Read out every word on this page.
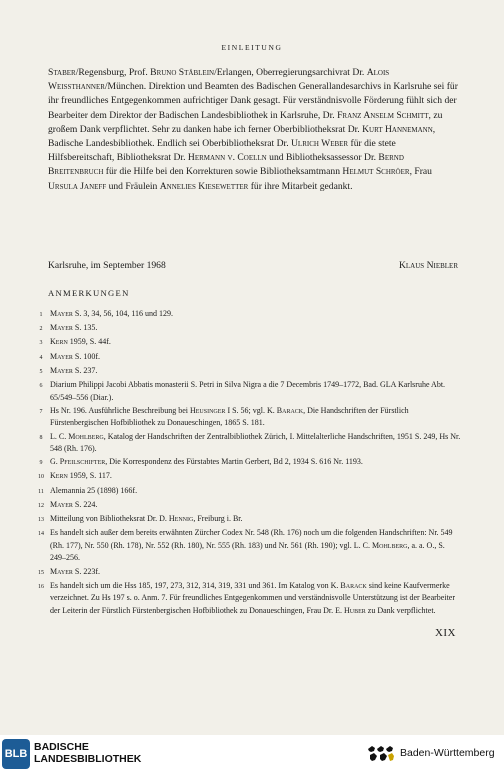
EINLEITUNG

Staber/Regensburg, Prof. Bruno Stäblein/Erlangen, Oberregierungsarchivrat Dr. Alois Weissthanner/München. Direktion und Beamten des Badischen Generallandesarchivs in Karlsruhe sei für ihr freundliches Entgegenkommen aufrichtiger Dank gesagt. Für verständnisvolle Förderung fühlt sich der Bearbeiter dem Direktor der Badischen Landesbibliothek in Karlsruhe, Dr. Franz Anselm Schmitt, zu großem Dank verpflichtet. Sehr zu danken habe ich ferner Oberbibliotheksrat Dr. Kurt Hannemann, Badische Landesbibliothek. Endlich sei Oberbibliotheksrat Dr. Ulrich Weber für die stete Hilfsbereitschaft, Bibliotheksrat Dr. Hermann v. Coelln und Bibliotheksassessor Dr. Bernd Breitenbruch für die Hilfe bei den Korrekturen sowie Bibliotheksamtmann Helmut Schröer, Frau Ursula Janeff und Fräulein Annelies Kiesewetter für ihre Mitarbeit gedankt.

Karlsruhe, im September 1968	Klaus Niebler
ANMERKUNGEN
1 Mayer S. 3, 34, 56, 104, 116 und 129.
2 Mayer S. 135.
3 Kern 1959, S. 44f.
4 Mayer S. 100f.
5 Mayer S. 237.
6 Diarium Philippi Jacobi Abbatis monasterii S. Petri in Silva Nigra a die 7 Decembris 1749–1772, Bad. GLA Karlsruhe Abt. 65/549–556 (Diar.).
7 Hs Nr. 196. Ausführliche Beschreibung bei Heusinger I S. 56; vgl. K. Barack, Die Handschriften der Fürstlich Fürstenbergischen Hofbibliothek zu Donaueschingen, 1865 S. 181.
8 L. C. Mohlberg, Katalog der Handschriften der Zentralbibliothek Zürich, I. Mittelalterliche Handschriften, 1951 S. 249, Hs Nr. 548 (Rh. 176).
9 G. Pfeilschifter, Die Korrespondenz des Fürstabtes Martin Gerbert, Bd 2, 1934 S. 616 Nr. 1193.
10 Kern 1959, S. 117.
11 Alemannia 25 (1898) 166f.
12 Mayer S. 224.
13 Mitteilung von Bibliotheksrat Dr. D. Hennig, Freiburg i. Br.
14 Es handelt sich außer dem bereits erwähnten Zürcher Codex Nr. 548 (Rh. 176) noch um die folgenden Handschriften: Nr. 549 (Rh. 177), Nr. 550 (Rh. 178), Nr. 552 (Rh. 180), Nr. 555 (Rh. 183) und Nr. 561 (Rh. 190); vgl. L. C. Mohlberg, a. a. O., S. 249–256.
15 Mayer S. 223f.
16 Es handelt sich um die Hss 185, 197, 273, 312, 314, 319, 331 und 361. Im Katalog von K. Barack sind keine Kaufvermerke verzeichnet. Zu Hs 197 s. o. Anm. 7. Für freundliches Entgegenkommen und verständnisvolle Unterstützung ist der Bearbeiter der Leiterin der Fürstlich Fürstenbergischen Hofbibliothek zu Donaueschingen, Frau Dr. E. Huber zu Dank verpflichtet.
XIX
BLB
BADISCHE
LANDESBIBLIOTHEK	Baden-Württemberg
